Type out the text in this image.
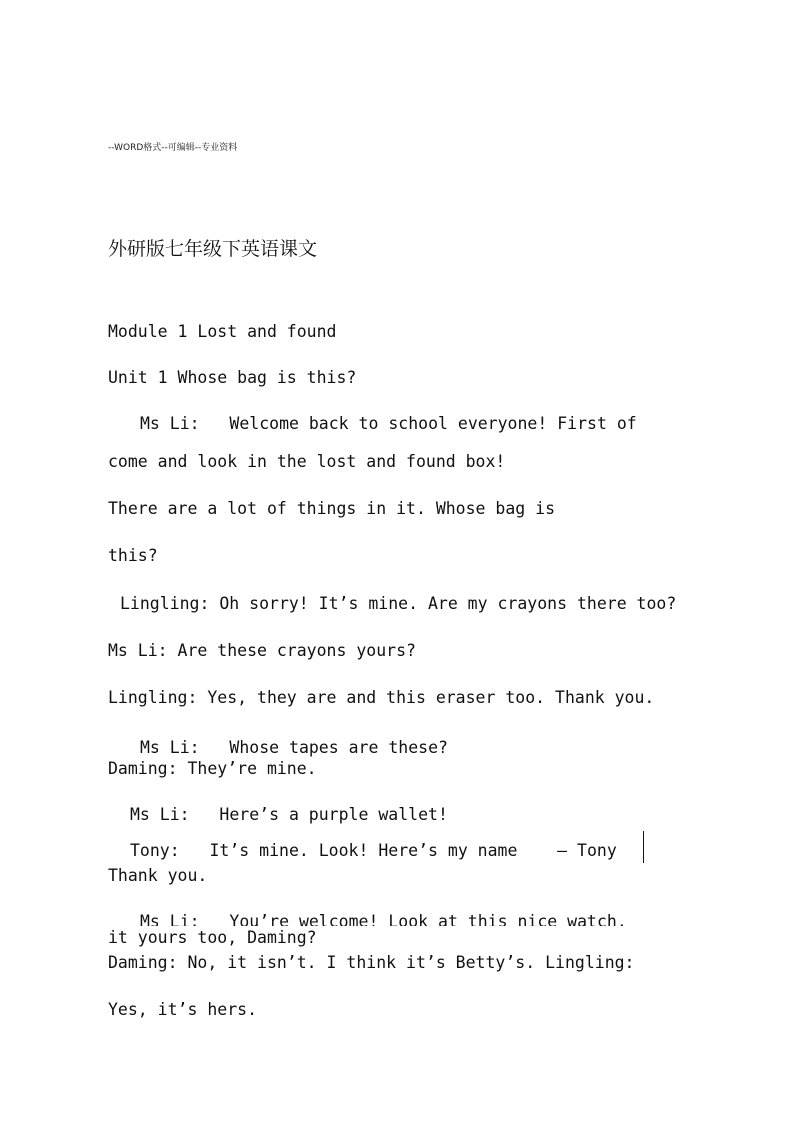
--WORD格式--可编辑--专业资料
外研版七年级下英语课文
Module 1 Lost and found
Unit 1 Whose bag is this?
Ms Li:   Welcome back to school everyone! First of
come and look in the lost and found box!
There are a lot of things in it. Whose bag is
this?
Lingling: Oh sorry! It’s mine. Are my crayons there too?
Ms Li: Are these crayons yours?
Lingling: Yes, they are and this eraser too. Thank you.
Ms Li:   Whose tapes are these?
Daming: They’re mine.
Ms Li:   Here’s a purple wallet!
Tony:   It’s mine. Look! Here’s my name    — Tony
Thank you.
Ms Li:   You’re welcome! Look at this nice watch.
it yours too, Daming?
Daming: No, it isn’t. I think it’s Betty’s. Lingling:
Yes, it’s hers.
